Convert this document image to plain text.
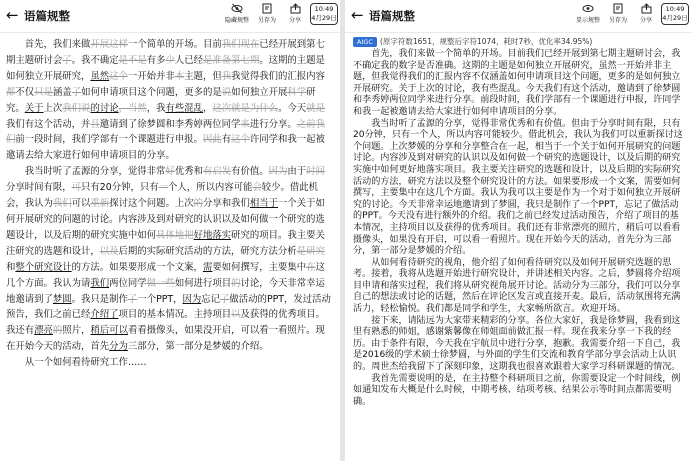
← 语篇规整	隐藏规整	另存为	分享
10:49
4月29日

首先，我们来做开展这样一个简单的开场。目前我们现在已经开展到第七期主题研讨会了。我不确定是不是有多少人已经是准备第七期。这期的主题是如何独立开展研究，虽然这个一开始并非本主题，但我我觉得我们的汇报内容都不仅只是涵盖了如何申请项目这个问题，更多的是说如何独立开展科学研究。关于上次我们说的讨论，当然，我有些混乱，这次就是为什么。今天就是我们有这个活动，并且邀请到了徐梦圆和李秀婷两位同学来进行分享。之前我们前一段时间，我们学部有一个课题进行申报。因此有这个许同学和我一起被邀请去给大家进行如何申请项目的分享。

我当时听了孟源的分享，觉得非常好优秀和有启发有价值。因为由于时间分享时间有限，可只有20分钟，只有一个人，所以内容可能会较少。借此机会，我认为我们可以重新探讨这个问题。上次的分享和我们相当于一个关于如何开展研究的问题的讨论。内容涉及到对研究的认识以及如何做一个研究的选题设计，以及后期的研究实施中如何具体地把好地落实研究的项目。我主要关注研究的选题和设计，以及后期的实际研究活动的方法，研究方法分析是研究和整个研究设计的方法。如果要形成一个文案，需要如何撰写，主要集中在这几个方面。我认为请我们两位同学做一些如何进行项目的讨论，今天非常幸运地邀请到了梦圆。我只是制作了一个PPT，因为忘记了做活动的PPT，发过活动预告，我们之前已经介绍了项目的基本情况。主持项目以及获得的优秀项目。我还有漂亮的照片，稍后可以看看摄像头，如果没开启，可以看一看照片。现在开始今天的活动，首先分为三部分，第一部分是梦媛的介绍。

从一个如何看待研究工作……

← 语篇规整	显示规整	另存为	分享
10:49
4月29日
AIGC (原字符数1651，规整后字符1074，耗时7秒，优化率34.95%)

首先，我们来做一个简单的开场。目前我们已经开展到第七期主题研讨会，我不确定我的数字是否准确。这期的主题是如何独立开展研究，虽然一开始并非主题，但我觉得我们的汇报内容不仅涵盖如何申请项目这个问题，更多的是如何独立开展研究。关于上次的讨论，我有些混乱。今天我们有这个活动，邀请到了徐梦圆和李秀婷两位同学来进行分享。前段时间，我们学部有一个课题进行申报，许同学和我一起被邀请去给大家进行如何申请项目的分享。

我当时听了孟源的分享，觉得非常优秀和有价值。但由于分享时间有限，只有20分钟，只有一个人，所以内容可能较少。借此机会，我认为我们可以重新探讨这个问题。上次梦媛的分享和分享整合在一起，相当于一个关于如何开展研究的问题讨论。内容涉及到对研究的认识以及如何做一个研究的选题设计，以及后期的研究实施中如何更好地落实项目。我主要关注研究的选题和设计，以及后期的实际研究活动的方法，研究方法以及整个研究设计的方法。如果要形成一个文案，需要如何撰写，主要集中在这几个方面。我认为我可以主要是作为一个对于如何独立开展研究的讨论。今天非常幸运地邀请到了梦圆，我只是制作了一个PPT，忘记了做活动的PPT。今天没有进行额外的介绍。我们之前已经发过活动预告，介绍了项目的基本情况，主持项目以及获得的优秀项目。我们还有非常漂亮的照片，稍后可以看看摄像头，如果没有开启，可以看一看照片。现在开始今天的活动，首先分为三部分，第一部分是梦媛的介绍。

从如何看待研究的视角，他介绍了如何看待研究以及如何开展研究选题的思考。接着，我将从选题开始进行研究设计，并讲述相关内容。之后，梦圆将介绍项目申请和落实过程，我们将从研究视角展开讨论。活动分为三部分，我们可以分享自己的想法或讨论的话题，然后在评论区发言或直接开麦。最后，活动氛围将充满活力，轻松愉悦。我们都是同学和学生，大家畅所欲言。欢迎开场。

接下来，请陆远为大家带来精彩的分享。各位大家好，我是徐梦圆，我看到这里有熟悉的师姐，感谢紫馨像在师姐面前做汇报一样。现在我来分享一下我的经历。由于条件有限，今天我在宇航员中进行分享，抱歉。我需要介绍一下自己，我是2016级的学术硕士徐梦圆，与外面的学生们交流和教育学部分享会活动上认识的。周世杰给我留下了深刻印象，这期我也很喜欢跟着大家学习科研课题的情况。

我首先需要说明的是，在主持整个科研项目之前，你需要设定一个时间线，例如通知发布大概是什么时候，中期考核、结项考核、结果公示等时间点都需要明确。
